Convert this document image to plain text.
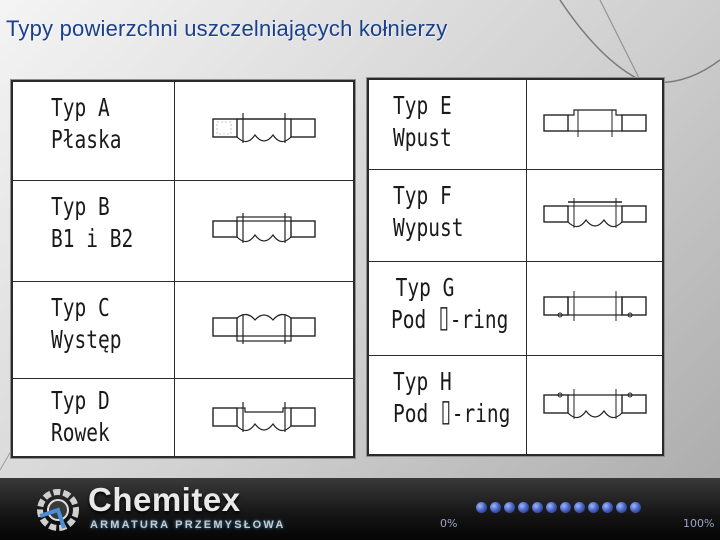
Typy powierzchni uszczelniających kołnierzy
Typ A
Płaska
Typ B
B1 i B2
Typ C
Występ
Typ D
Rowek
Typ E
Wpust
Typ F
Wypust
Typ G
Pod ⌷-ring
Typ H
Pod ⌷-ring
Chemitex
ARMATURA PRZEMYSŁOWA	0%	100%
